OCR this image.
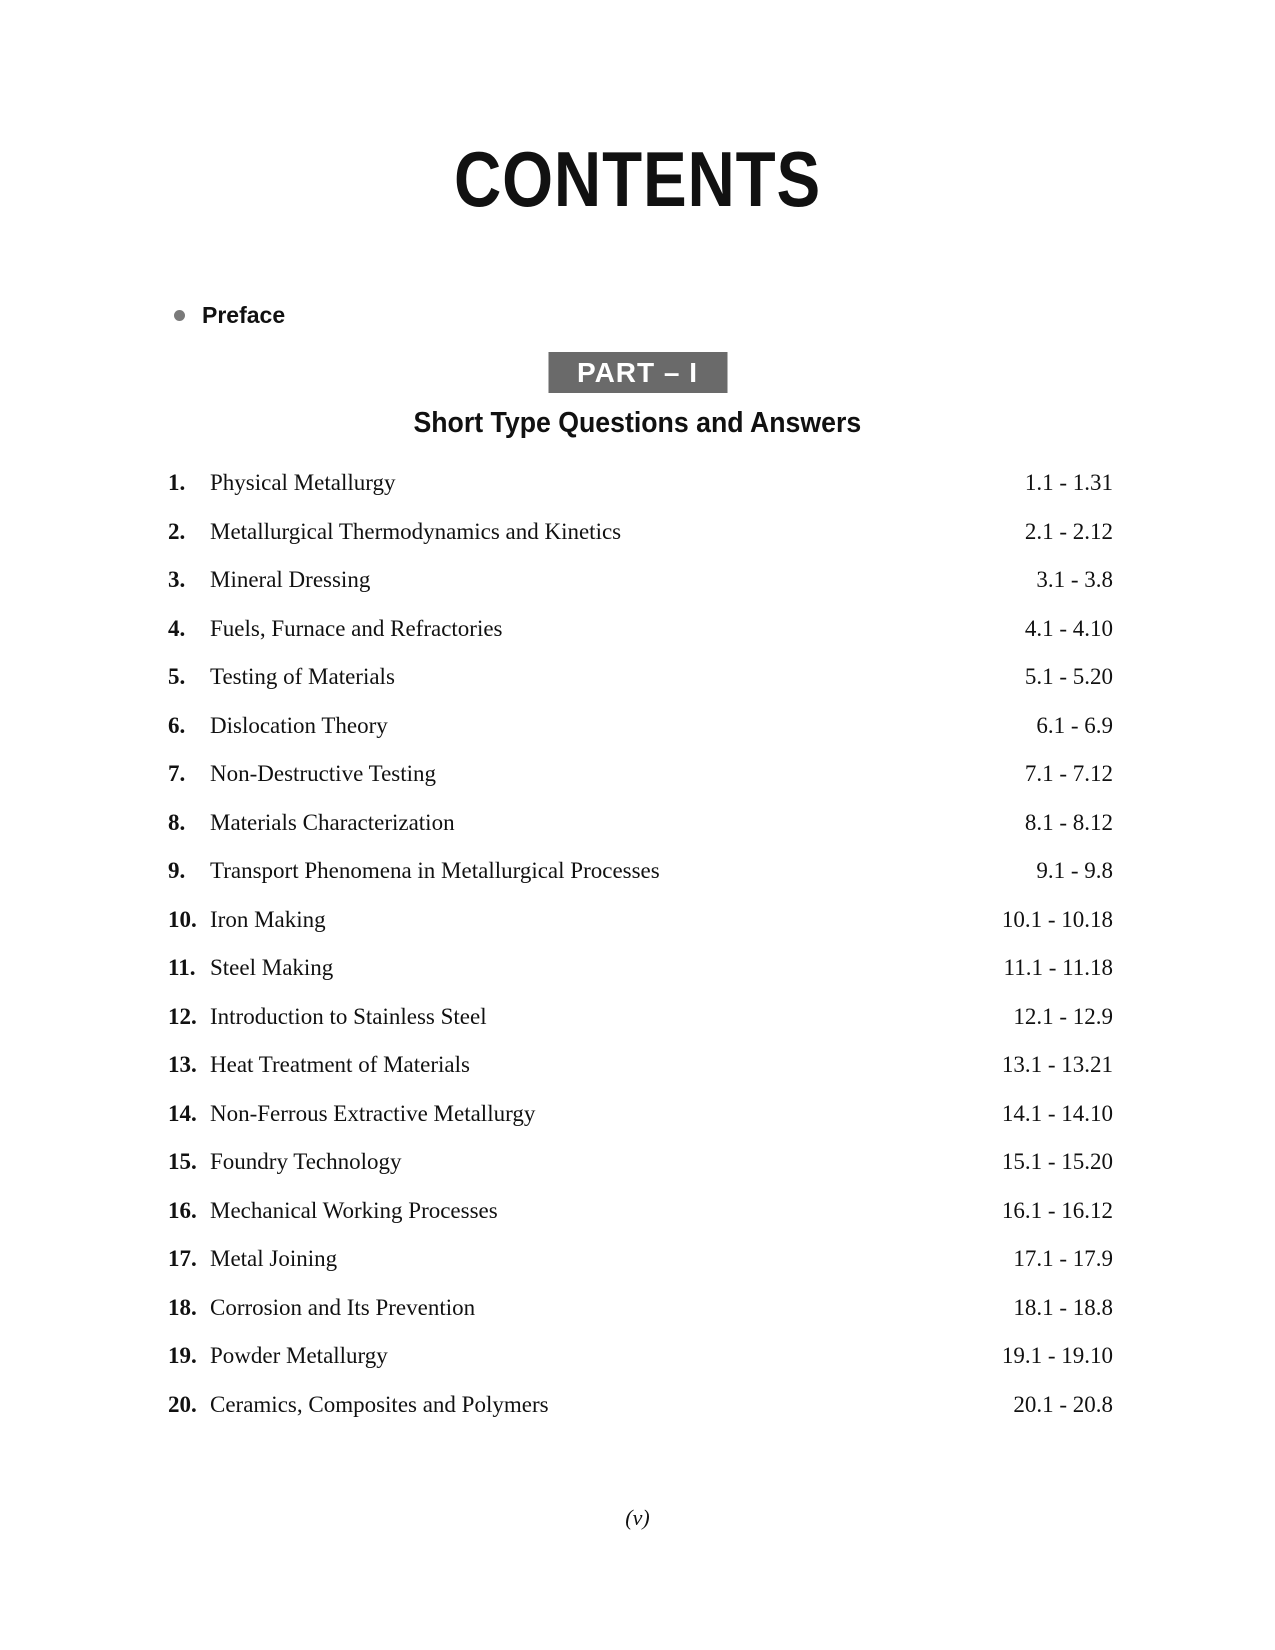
CONTENTS
Preface
PART – I
Short Type Questions and Answers
1.	Physical Metallurgy	1.1 - 1.31
2.	Metallurgical Thermodynamics and Kinetics	2.1 - 2.12
3.	Mineral Dressing	3.1 - 3.8
4.	Fuels, Furnace and Refractories	4.1 - 4.10
5.	Testing of Materials	5.1 - 5.20
6.	Dislocation Theory	6.1 - 6.9
7.	Non-Destructive Testing	7.1 - 7.12
8.	Materials Characterization	8.1 - 8.12
9.	Transport Phenomena in Metallurgical Processes	9.1 - 9.8
10. Iron Making	10.1 - 10.18
11. Steel Making	11.1 - 11.18
12. Introduction to Stainless Steel	12.1 - 12.9
13. Heat Treatment of Materials	13.1 - 13.21
14. Non-Ferrous Extractive Metallurgy	14.1 - 14.10
15. Foundry Technology	15.1 - 15.20
16. Mechanical Working Processes	16.1 - 16.12
17. Metal Joining	17.1 - 17.9
18. Corrosion and Its Prevention	18.1 - 18.8
19. Powder Metallurgy	19.1 - 19.10
20. Ceramics, Composites and Polymers	20.1 - 20.8
(v)
